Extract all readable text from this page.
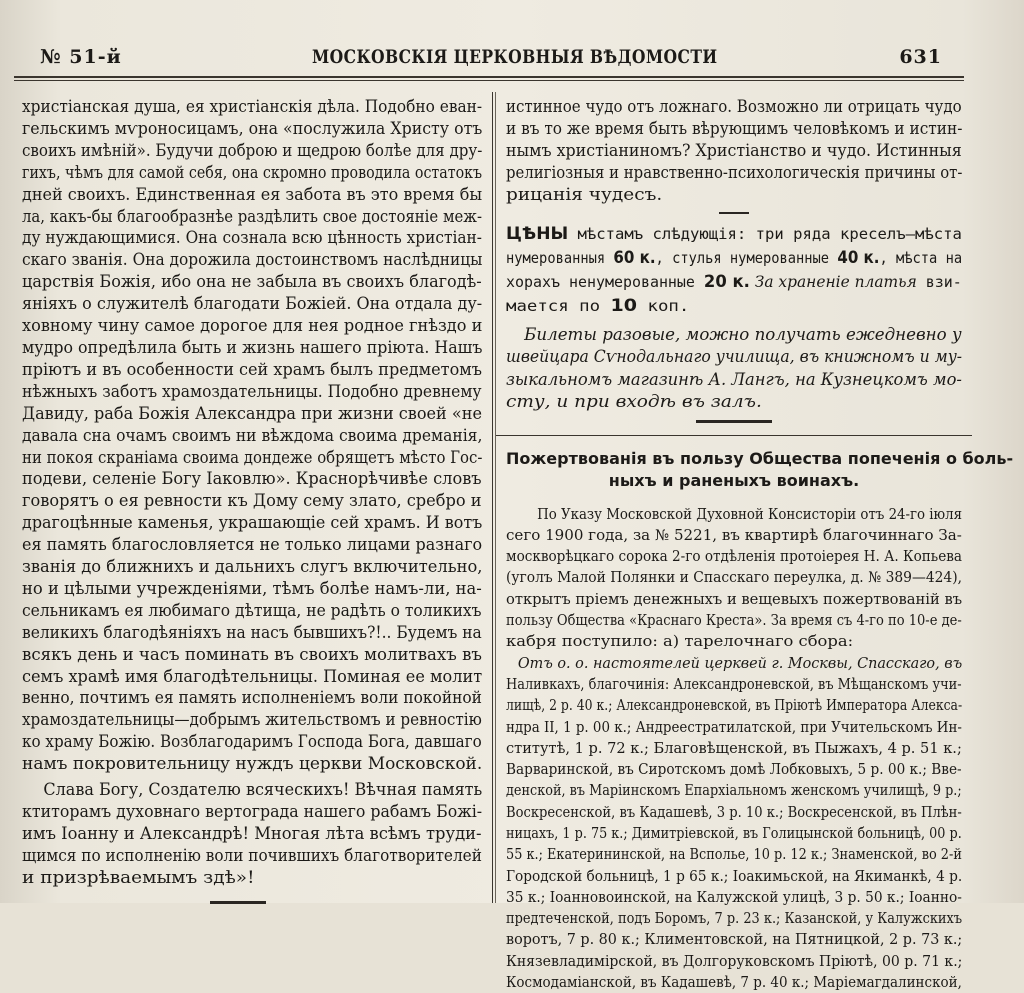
№ 51-й	МОСКОВСКІЯ ЦЕРКОВНЫЯ ВѢДОМОСТИ	631
христіанская душа, ея христіанскія дѣла. Подобно еван-
гельскимъ мѵроносицамъ, она «послужила Христу отъ
своихъ имѣній». Будучи доброю и щедрою болѣе для дру-
гихъ, чѣмъ для самой себя, она скромно проводила остатокъ
дней своихъ. Единственная ея забота въ это время бы
ла, какъ-бы благообразнѣе раздѣлить свое достояніе меж-
ду нуждающимися. Она сознала всю цѣнность христіан-
скаго званія. Она дорожила достоинствомъ наслѣдницы
царствія Божія, ибо она не забыла въ своихъ благодѣ-
яніяхъ о служителѣ благодати Божіей. Она отдала ду-
ховному чину самое дорогое для нея родное гнѣздо и
мудро опредѣлила быть и жизнь нашего пріюта. Нашъ
пріютъ и въ особенности сей храмъ былъ предметомъ
нѣжныхъ заботъ храмоздательницы. Подобно древнему
Давиду, раба Божія Александра при жизни своей «не
давала сна очамъ своимъ ни вѣждома своима дреманія,
ни покоя скраніама своима дондеже обрящетъ мѣсто Гос-
подеви, селеніе Богу Іаковлю». Краснорѣчивѣе словъ
говорятъ о ея ревности къ Дому сему злато, сребро и
драгоцѣнные каменья, украшающіе сей храмъ. И вотъ
ея память благословляется не только лицами разнаго
званія до ближнихъ и дальнихъ слугъ включительно,
но и цѣлыми учрежденіями, тѣмъ болѣе намъ-ли, на-
сельникамъ ея любимаго дѣтища, не радѣть о толикихъ
великихъ благодѣяніяхъ на насъ бывшихъ?!.. Будемъ на
всякъ день и часъ поминать въ своихъ молитвахъ въ
семъ храмѣ имя благодѣтельницы. Поминая ее молит
венно, почтимъ ея память исполненіемъ воли покойной
храмоздательницы—добрымъ жительствомъ и ревностію
ко храму Божію. Возблагодаримъ Господа Бога, давшаго
намъ покровительницу нуждъ церкви Московской.
Слава Богу, Создателю всяческихъ! Вѣчная память
ктиторамъ духовнаго вертограда нашего рабамъ Божі-
имъ Іоанну и Александрѣ! Многая лѣта всѣмъ труди-
щимся по исполненію воли почившихъ благотворителей
и призрѣваемымъ здѣ»!
истинное чудо отъ ложнаго. Возможно ли отрицать чудо
и въ то же время быть вѣрующимъ человѣкомъ и истин-
нымъ христіаниномъ? Христіанство и чудо. Истинныя
религіозныя и нравственно-психологическія причины от-
рицанія чудесъ.
ЦѢНЫ мѣстамъ слѣдующія: три ряда креселъ—мѣста
нумерованныя 60 к., стулья нумерованные 40 к., мѣста на
хорахъ ненумерованные 20 к. За храненіе платья взи-
мается по 10 коп.
Билеты разовые, можно получать ежедневно у
швейцара Сѵнодальнаго училища, въ книжномъ и му-
зыкальномъ магазинѣ А. Лангъ, на Кузнецкомъ мо-
сту, и при входѣ въ залъ.
Пожертвованія въ пользу Общества попеченія о боль-
ныхъ и раненыхъ воинахъ.
По Указу Московской Духовной Консисторіи отъ 24-го іюля
сего 1900 года, за № 5221, въ квартирѣ благочиннаго За-
москворѣцкаго сорока 2-го отдѣленія протоіерея Н. А. Копьева
(уголъ Малой Полянки и Спасскаго переулка, д. № 389—424),
открытъ пріемъ денежныхъ и вещевыхъ пожертвованій въ
пользу Общества «Краснаго Креста». За время съ 4-го по 10-е де-
кабря поступило: а) тарелочнаго сбора:
Отъ о. о. настоятелей церквей г. Москвы, Спасскаго, въ
Наливкахъ, благочинія: Александроневской, въ Мѣщанскомъ учи-
лищѣ, 2 р. 40 к.; Александроневской, въ Пріютѣ Императора Алекса-
ндра II, 1 р. 00 к.; Андреестратилатской, при Учительскомъ Ин-
ститутѣ, 1 р. 72 к.; Благовѣщенской, въ Пыжахъ, 4 р. 51 к.;
Варваринской, въ Сиротскомъ домѣ Лобковыхъ, 5 р. 00 к.; Вве-
денской, въ Маріинскомъ Епархіальномъ женскомъ училищѣ, 9 р.;
Воскресенской, въ Кадашевѣ, 3 р. 10 к.; Воскресенской, въ Плѣн-
ницахъ, 1 р. 75 к.; Димитріевской, въ Голицынской больницѣ, 00 р.
55 к.; Екатерининской, на Всполье, 10 р. 12 к.; Знаменской, во 2-й
Городской больницѣ, 1 р 65 к.; Іоакимьской, на Якиманкѣ, 4 р.
35 к.; Іоанновоинской, на Калужской улицѣ, 3 р. 50 к.; Іоанно-
предтеченской, подъ Боромъ, 7 р. 23 к.; Казанской, у Калужскихъ
воротъ, 7 р. 80 к.; Климентовской, на Пятницкой, 2 р. 73 к.;
Князевладимірской, въ Долгоруковскомъ Пріютѣ, 00 р. 71 к.;
Космодаміанской, въ Кадашевѣ, 7 р. 40 к.; Маріемагдалинской,
